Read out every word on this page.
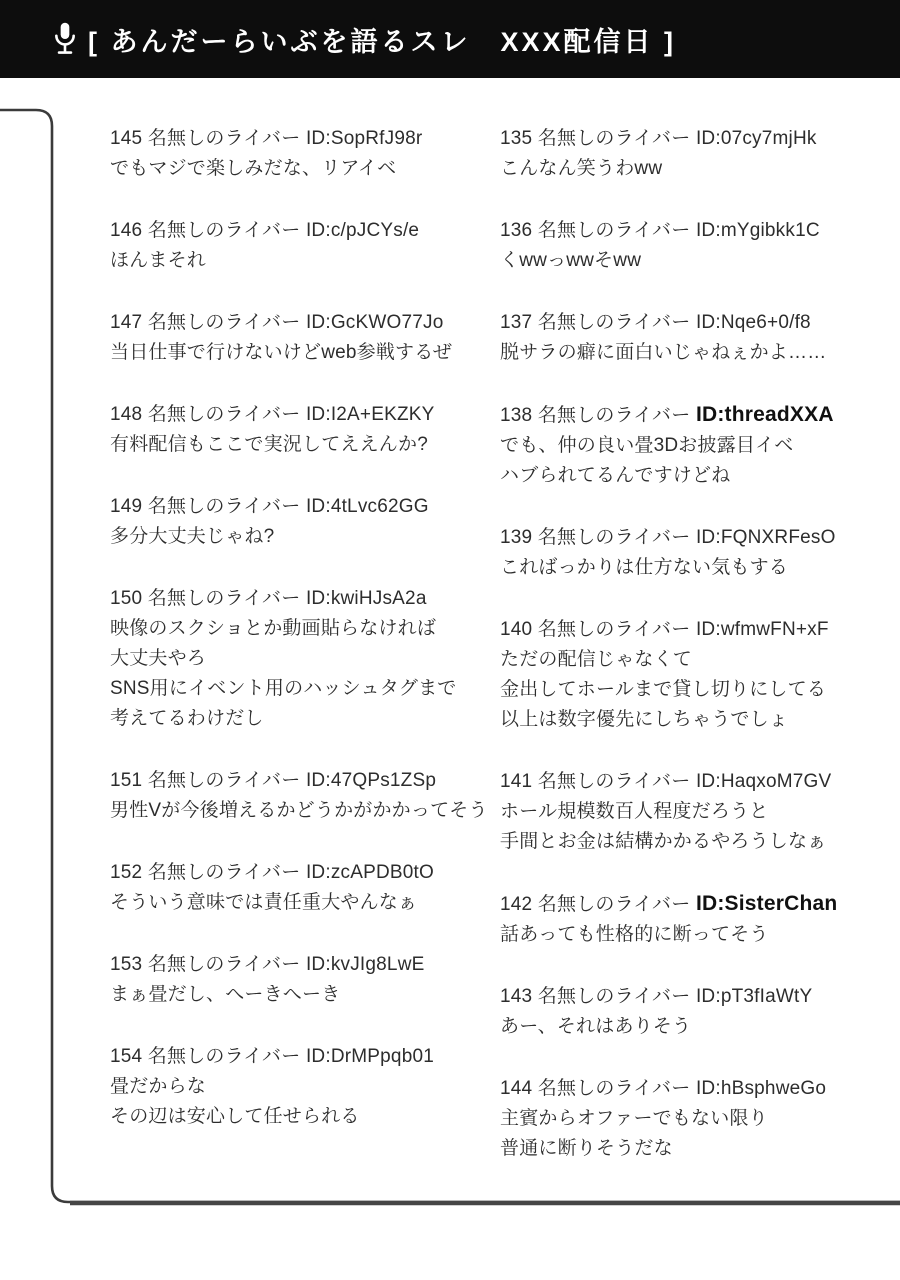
[ あんだーらいぶを語るスレ　XXX配信日 ]
145 名無しのライバー ID:SopRfJ98r
でもマジで楽しみだな、リアイベ
146 名無しのライバー ID:c/pJCYs/e
ほんまそれ
147 名無しのライバー ID:GcKWO77Jo
当日仕事で行けないけどweb参戦するぜ
148 名無しのライバー ID:I2A+EKZKY
有料配信もここで実況してええんか?
149 名無しのライバー ID:4tLvc62GG
多分大丈夫じゃね?
150 名無しのライバー ID:kwiHJsA2a
映像のスクショとか動画貼らなければ
大丈夫やろ
SNS用にイベント用のハッシュタグまで
考えてるわけだし
151 名無しのライバー ID:47QPs1ZSp
男性Vが今後増えるかどうかがかかってそう
152 名無しのライバー ID:zcAPDB0tO
そういう意味では責任重大やんなぁ
153 名無しのライバー ID:kvJIg8LwE
まぁ畳だし、へーきへーき
154 名無しのライバー ID:DrMPpqb01
畳だからな
その辺は安心して任せられる
135 名無しのライバー ID:07cy7mjHk
こんなん笑うわww
136 名無しのライバー ID:mYgibkk1C
くwwっwwそww
137 名無しのライバー ID:Nqe6+0/f8
脱サラの癖に面白いじゃねぇかよ……
138 名無しのライバー ID:threadXXA
でも、仲の良い畳3Dお披露目イベ
ハブられてるんですけどね
139 名無しのライバー ID:FQNXRFesO
こればっかりは仕方ない気もする
140 名無しのライバー ID:wfmwFN+xF
ただの配信じゃなくて
金出してホールまで貸し切りにしてる
以上は数字優先にしちゃうでしょ
141 名無しのライバー ID:HaqxoM7GV
ホール規模数百人程度だろうと
手間とお金は結構かかるやろうしなぁ
142 名無しのライバー ID:SisterChan
話あっても性格的に断ってそう
143 名無しのライバー ID:pT3fIaWtY
あー、それはありそう
144 名無しのライバー ID:hBsphweGo
主賓からオファーでもない限り
普通に断りそうだな
